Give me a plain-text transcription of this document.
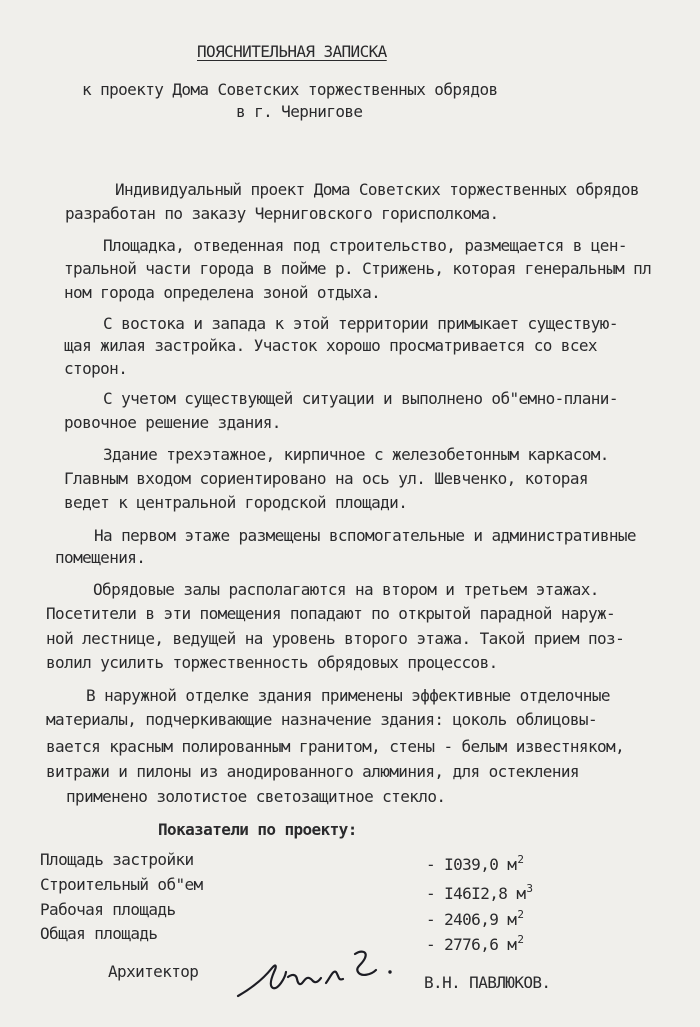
ПОЯСНИТЕЛЬНАЯ ЗАПИСКА
к проекту Дома Советских торжественных обрядов
в г. Чернигове
Индивидуальный проект Дома Советских торжественных обрядов
разработан по заказу Черниговского горисполкома.
Площадка, отведенная под строительство, размещается в цен-
тральной части города в пойме р. Стрижень, которая генеральным пл
ном города определена зоной отдыха.
С востока и запада к этой территории примыкает существую-
щая жилая застройка. Участок хорошо просматривается со всех
сторон.
С учетом существующей ситуации и выполнено об"емно-плани-
ровочное решение здания.
Здание трехэтажное, кирпичное с железобетонным каркасом.
Главным входом сориентировано на ось ул. Шевченко, которая
ведет к центральной городской площади.
На первом этаже размещены вспомогательные и административные
помещения.
Обрядовые залы располагаются на втором и третьем этажах.
Посетители в эти помещения попадают по открытой парадной наруж-
ной лестнице, ведущей на уровень второго этажа. Такой прием поз-
волил усилить торжественность обрядовых процессов.
В наружной отделке здания применены эффективные отделочные
материалы, подчеркивающие назначение здания: цоколь облицовы-
вается красным полированным гранитом, стены - белым известняком,
витражи и пилоны из анодированного алюминия, для остекления
применено золотистое светозащитное стекло.
Показатели по проекту:
Площадь застройки	- I039,0 $м^2$
Строительный об"ем	- I46I2,8 $м^3$
Рабочая площадь
- 2406,9 $м^2$
Общая площадь
- 2776,6 $м^2$
Архитектор
В.Н. ПАВЛЮКОВ.
